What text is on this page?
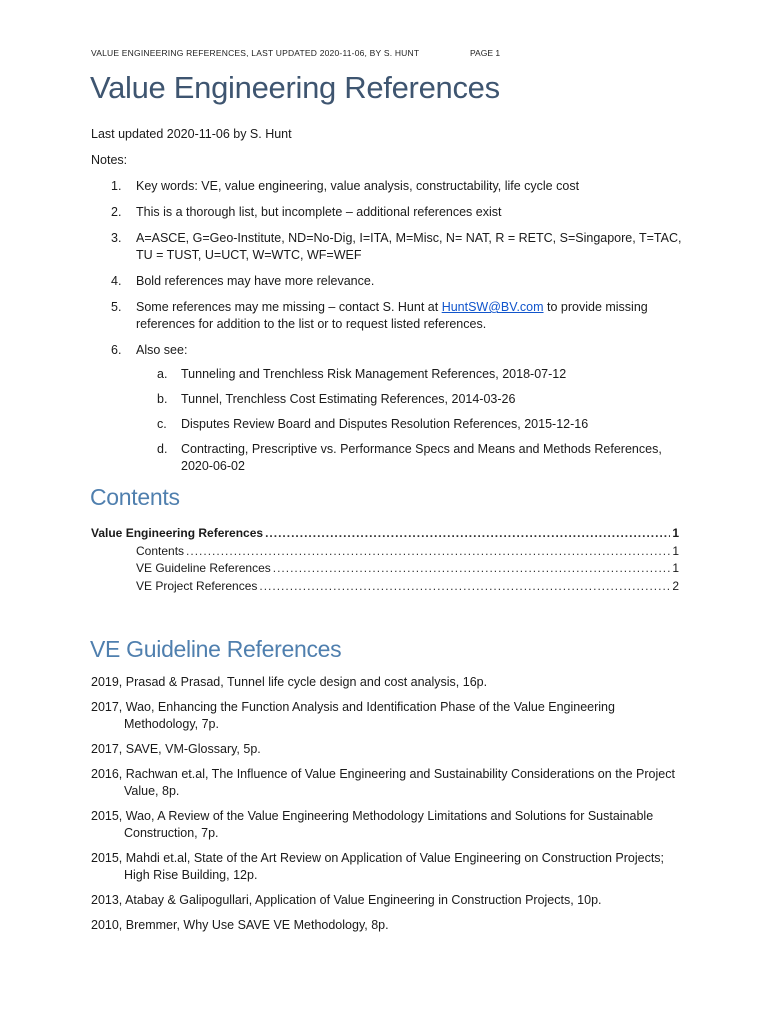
VALUE ENGINEERING REFERENCES, LAST UPDATED 2020-11-06, BY S. HUNT	PAGE 1
Value Engineering References
Last updated 2020-11-06 by S. Hunt
Notes:
1. Key words: VE, value engineering, value analysis, constructability, life cycle cost
2. This is a thorough list, but incomplete – additional references exist
3. A=ASCE, G=Geo-Institute, ND=No-Dig, I=ITA, M=Misc, N= NAT, R = RETC, S=Singapore, T=TAC, TU = TUST, U=UCT, W=WTC, WF=WEF
4. Bold references may have more relevance.
5. Some references may me missing – contact S. Hunt at HuntSW@BV.com to provide missing references for addition to the list or to request listed references.
6. Also see:
a. Tunneling and Trenchless Risk Management References, 2018-07-12
b. Tunnel, Trenchless Cost Estimating References, 2014-03-26
c. Disputes Review Board and Disputes Resolution References, 2015-12-16
d. Contracting, Prescriptive vs. Performance Specs and Means and Methods References, 2020-06-02
Contents
Value Engineering References .....	1
Contents .....	1
VE Guideline References .....	1
VE Project References .....	2
VE Guideline References
2019, Prasad & Prasad, Tunnel life cycle design and cost analysis, 16p.
2017, Wao, Enhancing the Function Analysis and Identification Phase of the Value Engineering Methodology, 7p.
2017, SAVE, VM-Glossary, 5p.
2016, Rachwan et.al, The Influence of Value Engineering and Sustainability Considerations on the Project Value, 8p.
2015, Wao, A Review of the Value Engineering Methodology Limitations and Solutions for Sustainable Construction, 7p.
2015, Mahdi et.al, State of the Art Review on Application of Value Engineering on Construction Projects; High Rise Building, 12p.
2013, Atabay & Galipogullari, Application of Value Engineering in Construction Projects, 10p.
2010, Bremmer, Why Use SAVE VE Methodology, 8p.
